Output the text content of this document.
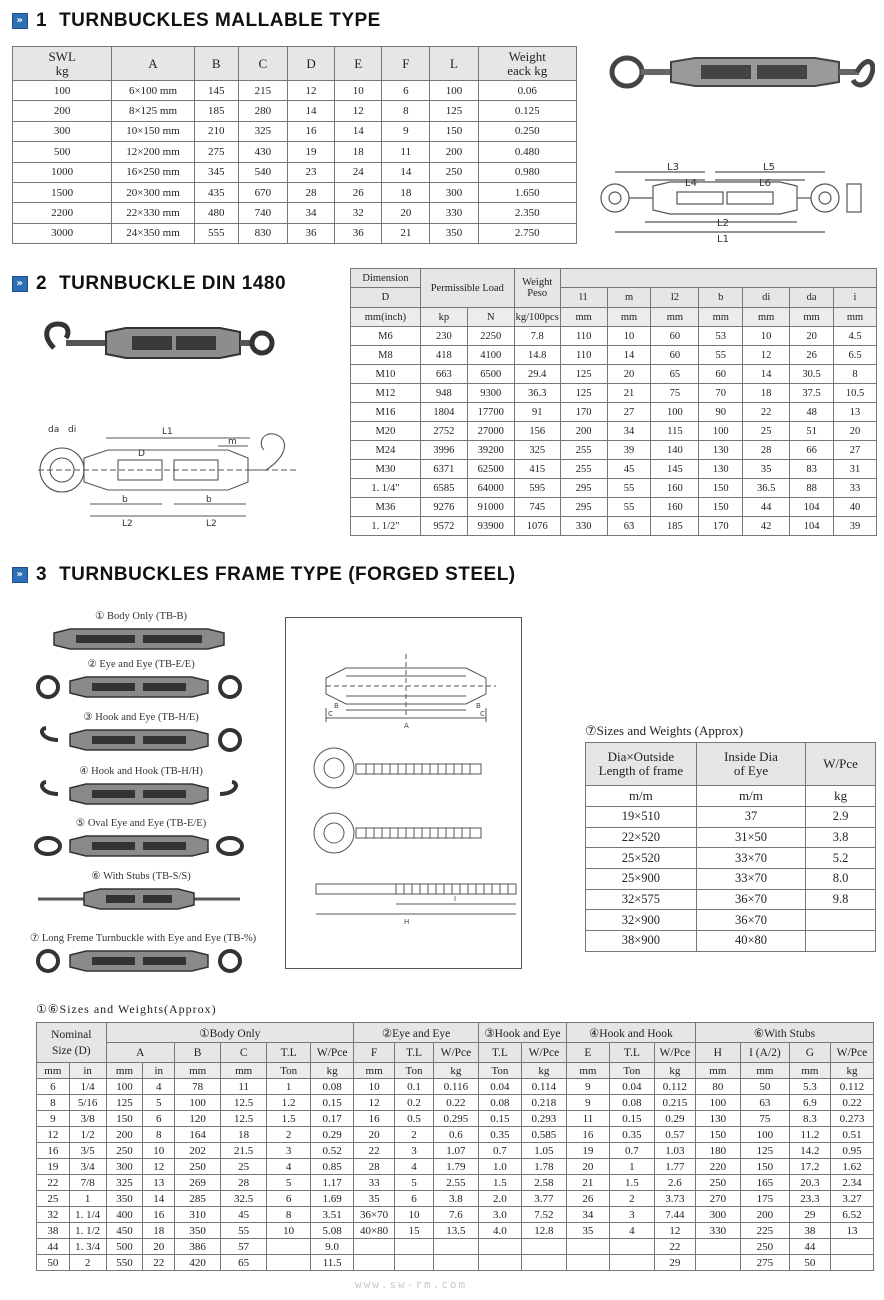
» 1 TURNBUCKLES MALLABLE TYPE
SWL
kg	A	B	C	D	E	F	L	Weight
eack kg
100	6×100 mm	145	215	12	10	6	100	0.06
200	8×125 mm	185	280	14	12	8	125	0.125
300	10×150 mm	210	325	16	14	9	150	0.250
500	12×200 mm	275	430	19	18	11	200	0.480
1000	16×250 mm	345	540	23	24	14	250	0.980
1500	20×300 mm	435	670	28	26	18	300	1.650
2200	22×330 mm	480	740	34	32	20	330	2.350
3000	24×350 mm	555	830	36	36	21	350	2.750
L3
L4
L5
L6
L2
L1
» 2 TURNBUCKLE DIN 1480
da di	L1
m
D
b	b
L2	L2
Dimension	Permissible Load		Weight
Peso							
D				l1	m	l2	b	di	da	i
mm(inch)	kp	N	kg/100pcs	mm	mm	mm	mm	mm	mm	mm
M6	230	2250	7.8	110	10	60	53	10	20	4.5
M8	418	4100	14.8	110	14	60	55	12	26	6.5
M10	663	6500	29.4	125	20	65	60	14	30.5	8
M12	948	9300	36.3	125	21	75	70	18	37.5	10.5
M16	1804	17700	91	170	27	100	90	22	48	13
M20	2752	27000	156	200	34	115	100	25	51	20
M24	3996	39200	325	255	39	140	130	28	66	27
M30	6371	62500	415	255	45	145	130	35	83	31
1. 1/4"	6585	64000	595	295	55	160	150	36.5	88	33
M36	9276	91000	745	295	55	160	150	44	104	40
1. 1/2"	9572	93900	1076	330	63	185	170	42	104	39
» 3 TURNBUCKLES FRAME TYPE (FORGED STEEL)
① Body Only (TB-B)
② Eye and Eye (TB-E/E)
③ Hook and Eye (TB-H/E)
④ Hook and Hook (TB-H/H)
⑤ Oval Eye and Eye (TB-E/E)
⑥ With Stubs (TB-S/S)
⑦ Long Freme Turnbuckle with Eye and Eye (TB-%)
B
C
B
C
A
H
I
⑦Sizes and Weights (Approx)
Dia×Outside
Length of frame	Inside Dia
of Eye	W/Pce
m/m	m/m	kg
19×510	37	2.9
22×520	31×50	3.8
25×520	33×70	5.2
25×900	33×70	8.0
32×575	36×70	9.8
32×900	36×70	
38×900	40×80	
①⑥Sizes and Weights(Approx)
Nominal
Size (D)		①Body Only						②Eye and Eye			③Hook and Eye		④Hook and Hook			⑥With Stubs			
		A		B	C	T.L	W/Pce	F	T.L	W/Pce	T.L	W/Pce	E	T.L	W/Pce	H	I (A/2)	G	W/Pce
mm	in	mm	in	mm	mm	Ton	kg	mm	Ton	kg	Ton	kg	mm	Ton	kg	mm	mm	mm	kg
6	1/4	100	4	78	11	1	0.08	10	0.1	0.116	0.04	0.114	9	0.04	0.112	80	50	5.3	0.112
8	5/16	125	5	100	12.5	1.2	0.15	12	0.2	0.22	0.08	0.218	9	0.08	0.215	100	63	6.9	0.22
9	3/8	150	6	120	12.5	1.5	0.17	16	0.5	0.295	0.15	0.293	11	0.15	0.29	130	75	8.3	0.273
12	1/2	200	8	164	18	2	0.29	20	2	0.6	0.35	0.585	16	0.35	0.57	150	100	11.2	0.51
16	3/5	250	10	202	21.5	3	0.52	22	3	1.07	0.7	1.05	19	0.7	1.03	180	125	14.2	0.95
19	3/4	300	12	250	25	4	0.85	28	4	1.79	1.0	1.78	20	1	1.77	220	150	17.2	1.62
22	7/8	325	13	269	28	5	1.17	33	5	2.55	1.5	2.58	21	1.5	2.6	250	165	20.3	2.34
25	1	350	14	285	32.5	6	1.69	35	6	3.8	2.0	3.77	26	2	3.73	270	175	23.3	3.27
32	1. 1/4	400	16	310	45	8	3.51	36×70	10	7.6	3.0	7.52	34	3	7.44	300	200	29	6.52
38	1. 1/2	450	18	350	55	10	5.08	40×80	15	13.5	4.0	12.8	35	4	12	330	225	38	13
44	1. 3/4	500	20	386	57		9.0								22		250	44	
50	2	550	22	420	65		11.5								29		275	50	
www.sw-rm.com
